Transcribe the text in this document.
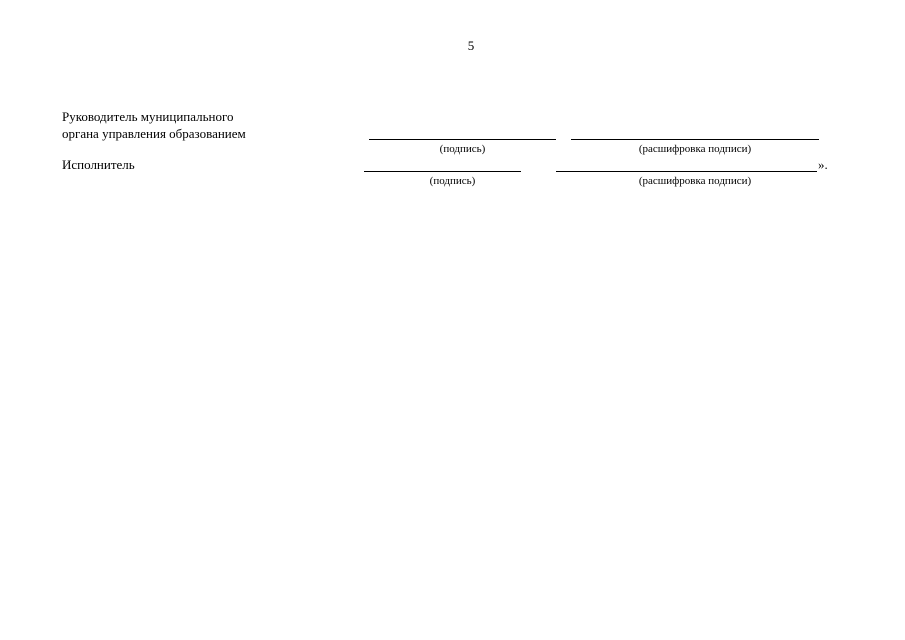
5
Руководитель муниципального
органа управления образованием
(подпись)	(расшифровка подписи)
Исполнитель	».
(подпись)	(расшифровка подписи)
